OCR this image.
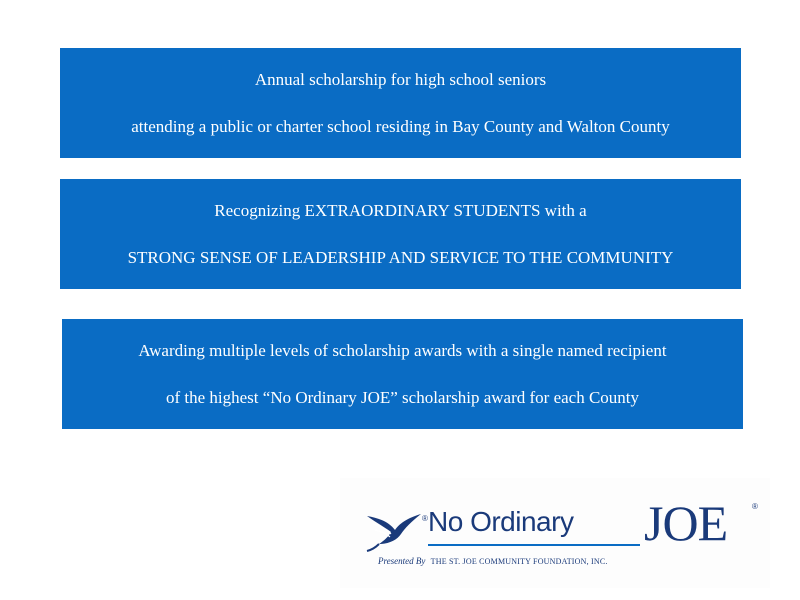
Annual scholarship for high school seniors

attending a public or charter school residing in Bay County and Walton County

Recognizing EXTRAORDINARY STUDENTS with a

STRONG SENSE OF LEADERSHIP AND SERVICE TO THE COMMUNITY

Awarding multiple levels of scholarship awards with a single named recipient

of the highest “No Ordinary JOE” scholarship award for each County

® No Ordinary JOE	®
Presented By THE ST. JOE COMMUNITY FOUNDATION, INC.
